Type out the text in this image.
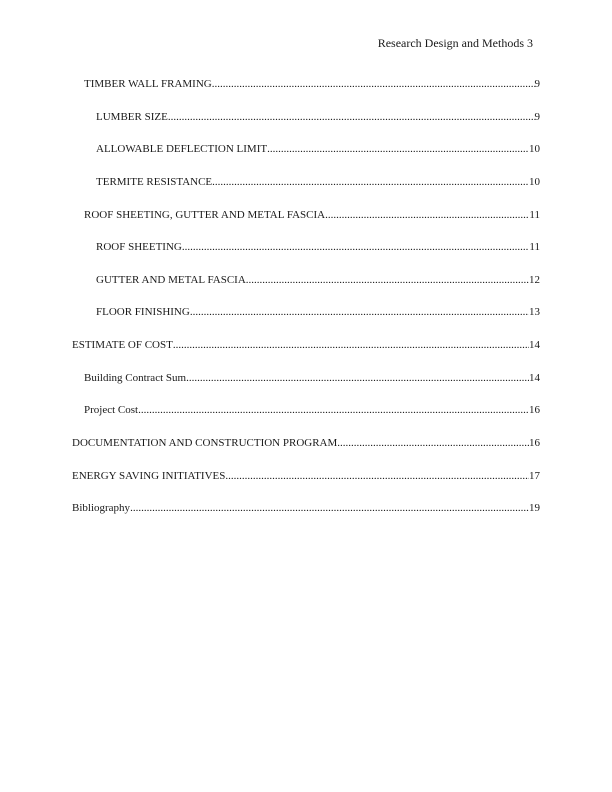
Research Design and Methods 3
TIMBER WALL FRAMING .....	9
LUMBER SIZE .....	9
ALLOWABLE DEFLECTION LIMIT .....	10
TERMITE RESISTANCE .....	10
ROOF SHEETING, GUTTER AND METAL FASCIA .....	11
ROOF SHEETING .....	11
GUTTER AND METAL FASCIA .....	12
FLOOR FINISHING .....	13
ESTIMATE OF COST .....	14
Building Contract Sum .....	14
Project Cost .....	16
DOCUMENTATION AND CONSTRUCTION PROGRAM .....	16
ENERGY SAVING INITIATIVES .....	17
Bibliography .....	19
